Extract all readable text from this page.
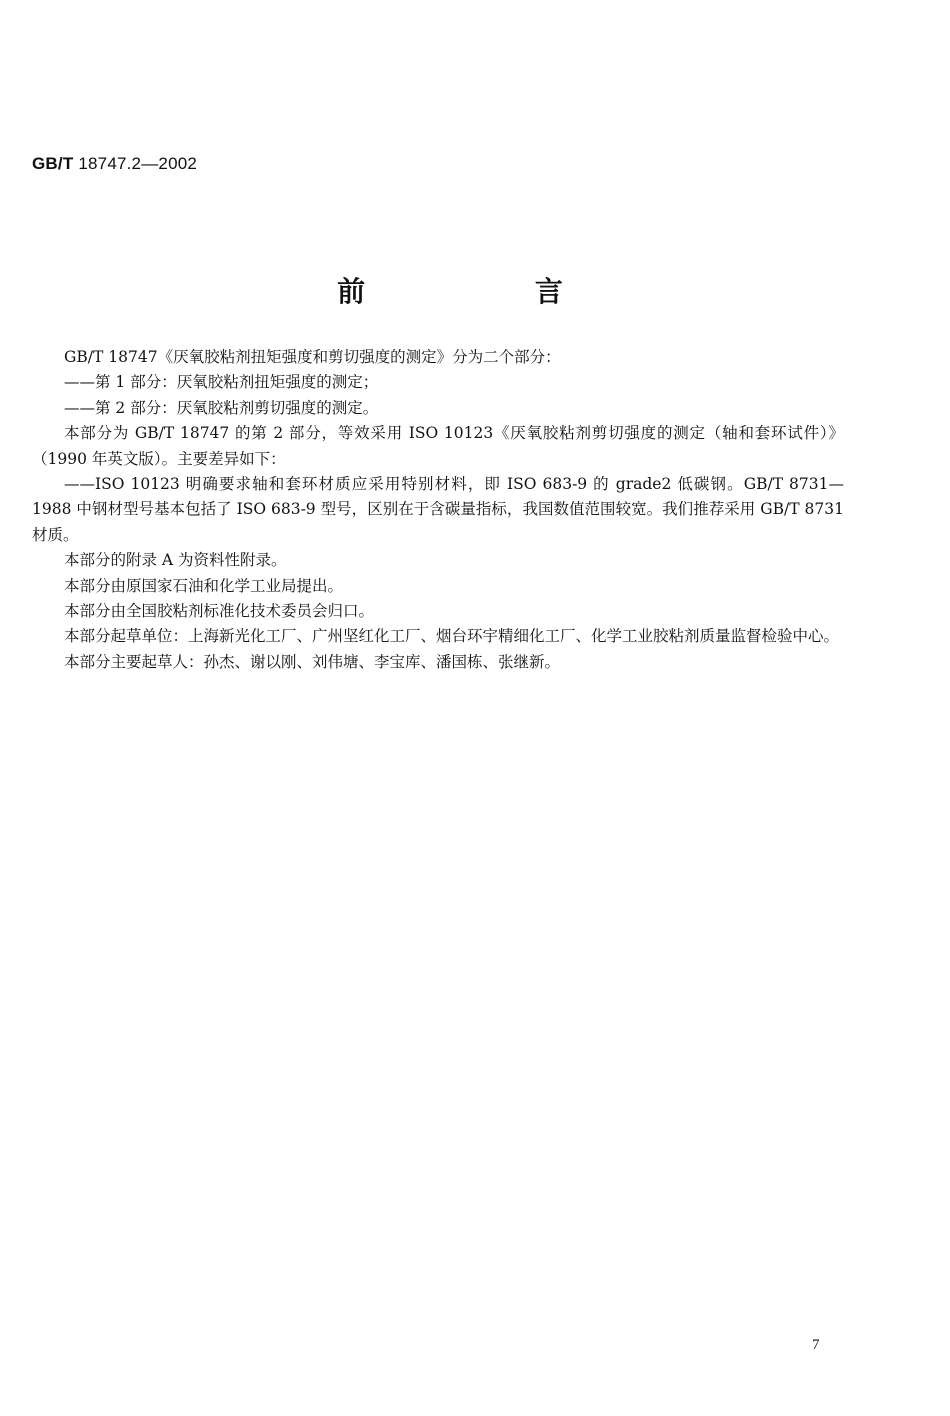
GB/T 18747.2—2002
前 言

GB/T 18747《厌氧胶粘剂扭矩强度和剪切强度的测定》分为二个部分：

——第 1 部分：厌氧胶粘剂扭矩强度的测定；

——第 2 部分：厌氧胶粘剂剪切强度的测定。

本部分为 GB/T 18747 的第 2 部分，等效采用 ISO 10123《厌氧胶粘剂剪切强度的测定（轴和套环试件）》（1990 年英文版）。主要差异如下：

——ISO 10123 明确要求轴和套环材质应采用特别材料，即 ISO 683-9 的 grade2 低碳钢。GB/T 8731—1988 中钢材型号基本包括了 ISO 683-9 型号，区别在于含碳量指标，我国数值范围较宽。我们推荐采用 GB/T 8731 材质。

本部分的附录 A 为资料性附录。

本部分由原国家石油和化学工业局提出。

本部分由全国胶粘剂标准化技术委员会归口。

本部分起草单位：上海新光化工厂、广州坚红化工厂、烟台环宇精细化工厂、化学工业胶粘剂质量监督检验中心。

本部分主要起草人：孙杰、谢以刚、刘伟塘、李宝库、潘国栋、张继新。

7
